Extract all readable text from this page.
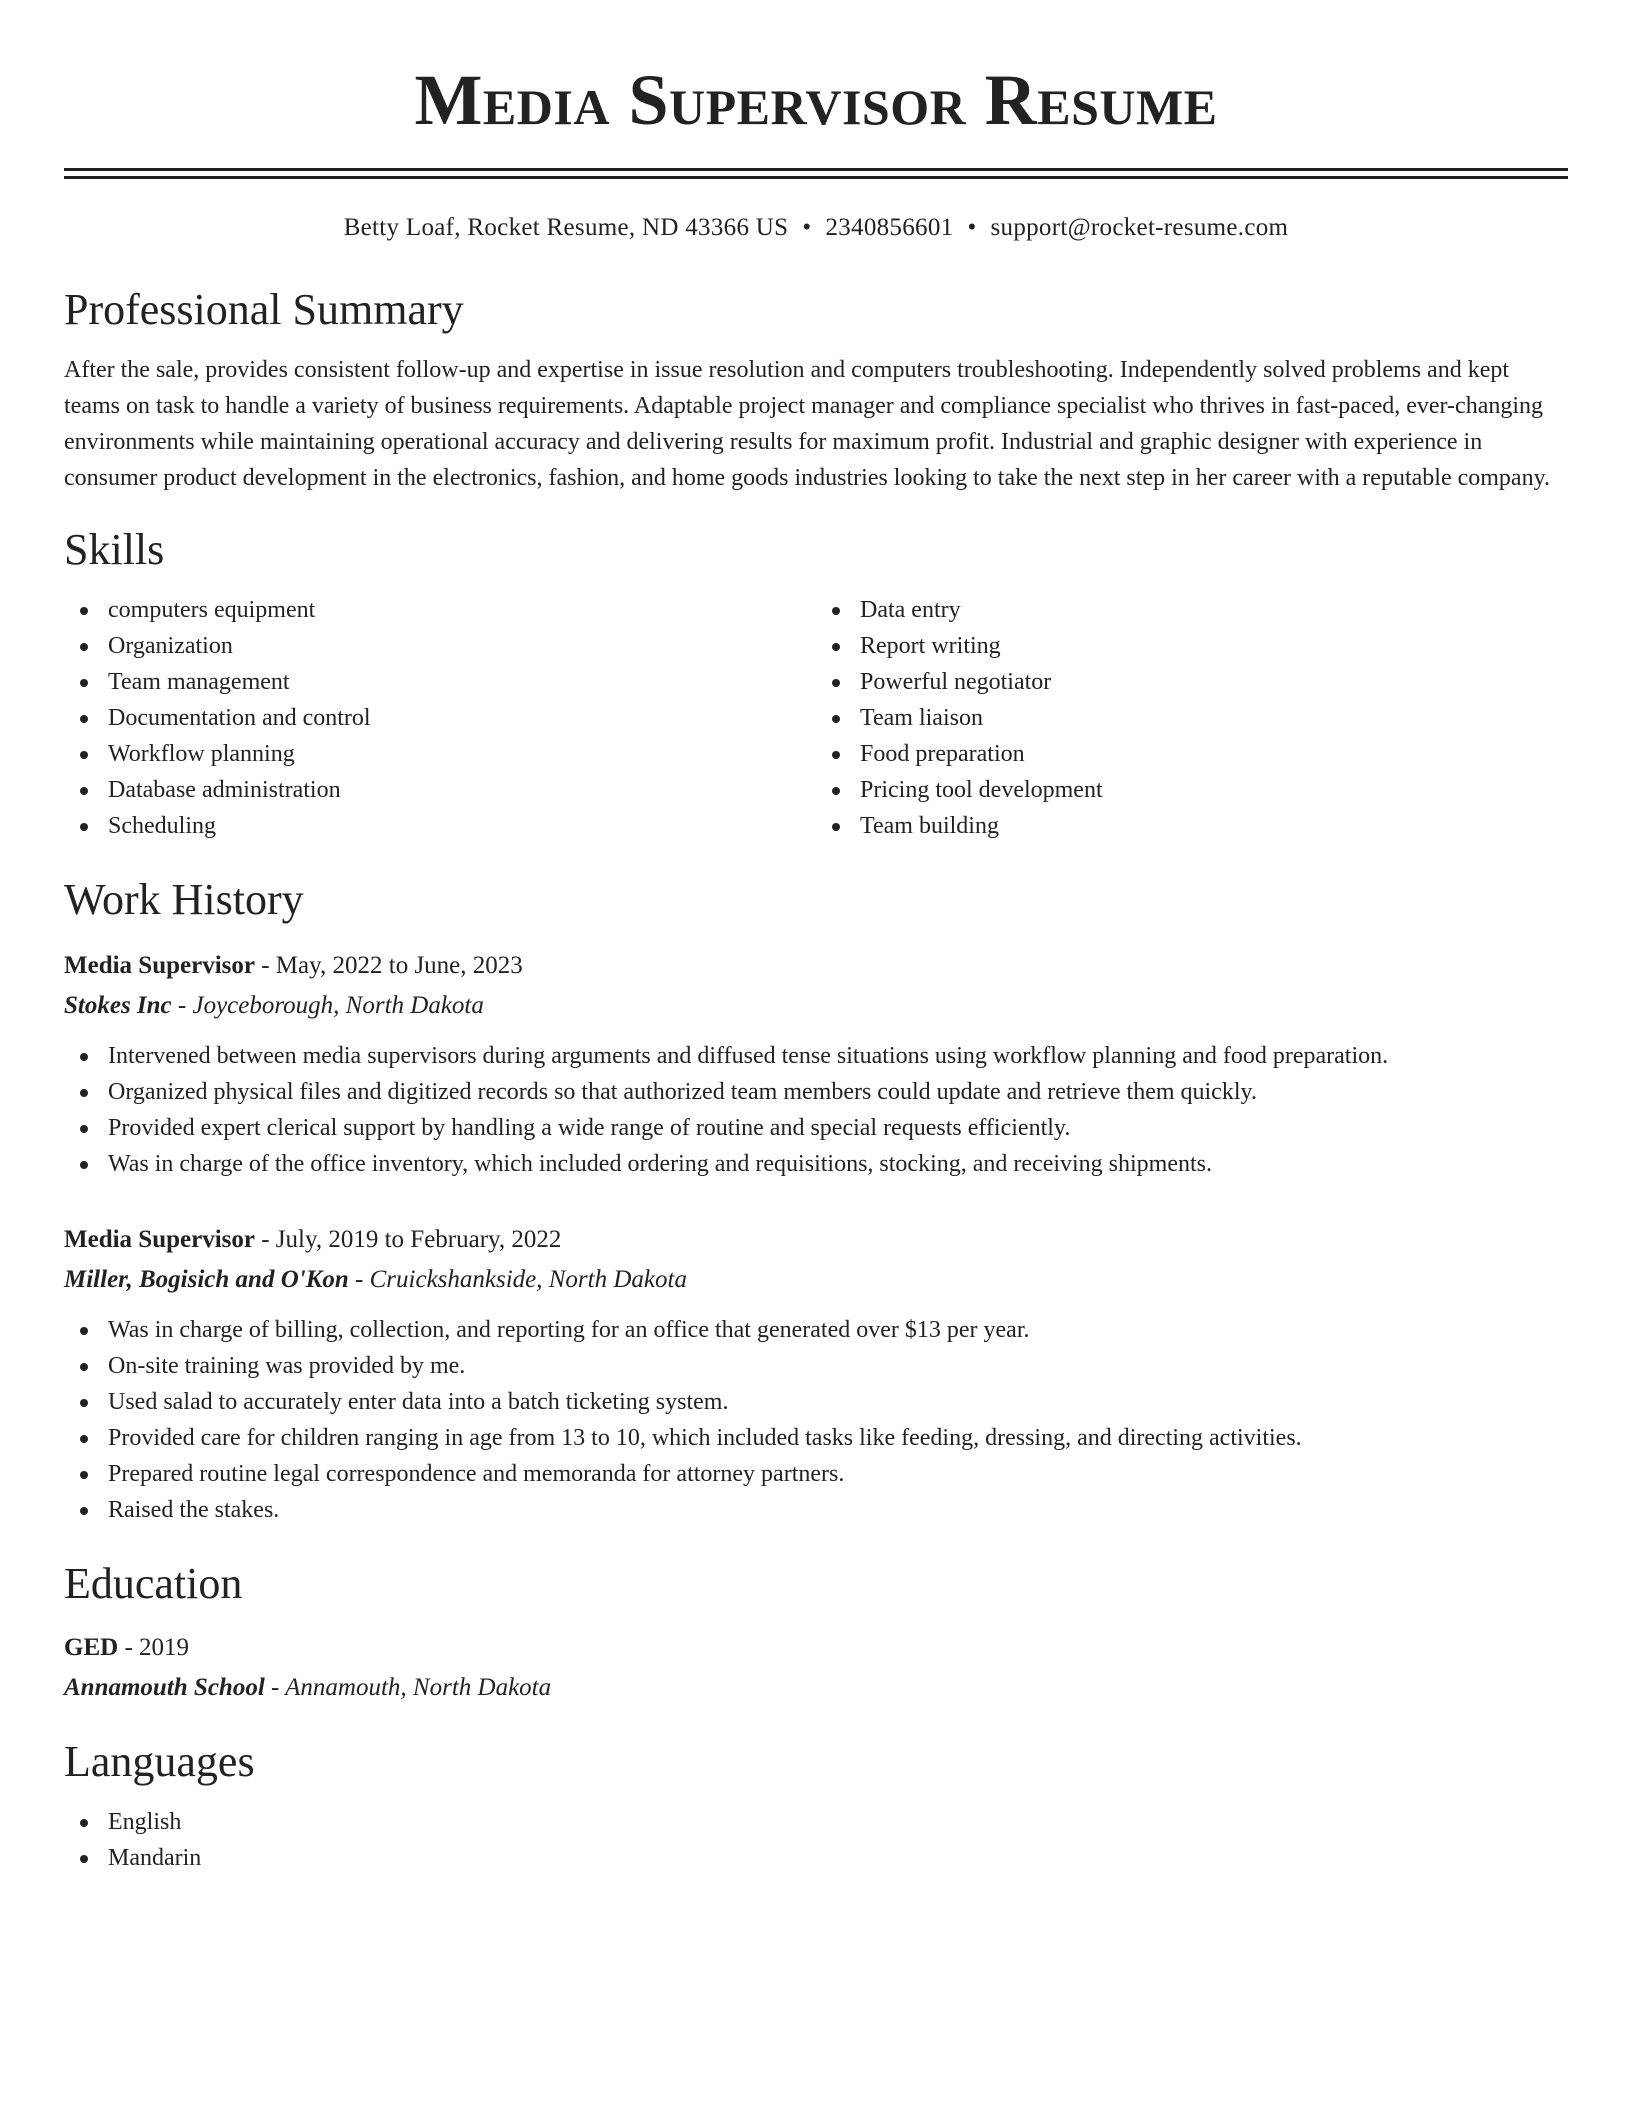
Media Supervisor Resume
Betty Loaf, Rocket Resume, ND 43366 US • 2340856601 • support@rocket-resume.com
Professional Summary
After the sale, provides consistent follow-up and expertise in issue resolution and computers troubleshooting. Independently solved problems and kept teams on task to handle a variety of business requirements. Adaptable project manager and compliance specialist who thrives in fast-paced, ever-changing environments while maintaining operational accuracy and delivering results for maximum profit. Industrial and graphic designer with experience in consumer product development in the electronics, fashion, and home goods industries looking to take the next step in her career with a reputable company.
Skills
computers equipment
Organization
Team management
Documentation and control
Workflow planning
Database administration
Scheduling
Data entry
Report writing
Powerful negotiator
Team liaison
Food preparation
Pricing tool development
Team building
Work History
Media Supervisor - May, 2022 to June, 2023
Stokes Inc - Joyceborough, North Dakota
Intervened between media supervisors during arguments and diffused tense situations using workflow planning and food preparation.
Organized physical files and digitized records so that authorized team members could update and retrieve them quickly.
Provided expert clerical support by handling a wide range of routine and special requests efficiently.
Was in charge of the office inventory, which included ordering and requisitions, stocking, and receiving shipments.
Media Supervisor - July, 2019 to February, 2022
Miller, Bogisich and O'Kon - Cruickshankside, North Dakota
Was in charge of billing, collection, and reporting for an office that generated over $13 per year.
On-site training was provided by me.
Used salad to accurately enter data into a batch ticketing system.
Provided care for children ranging in age from 13 to 10, which included tasks like feeding, dressing, and directing activities.
Prepared routine legal correspondence and memoranda for attorney partners.
Raised the stakes.
Education
GED - 2019
Annamouth School - Annamouth, North Dakota
Languages
English
Mandarin
